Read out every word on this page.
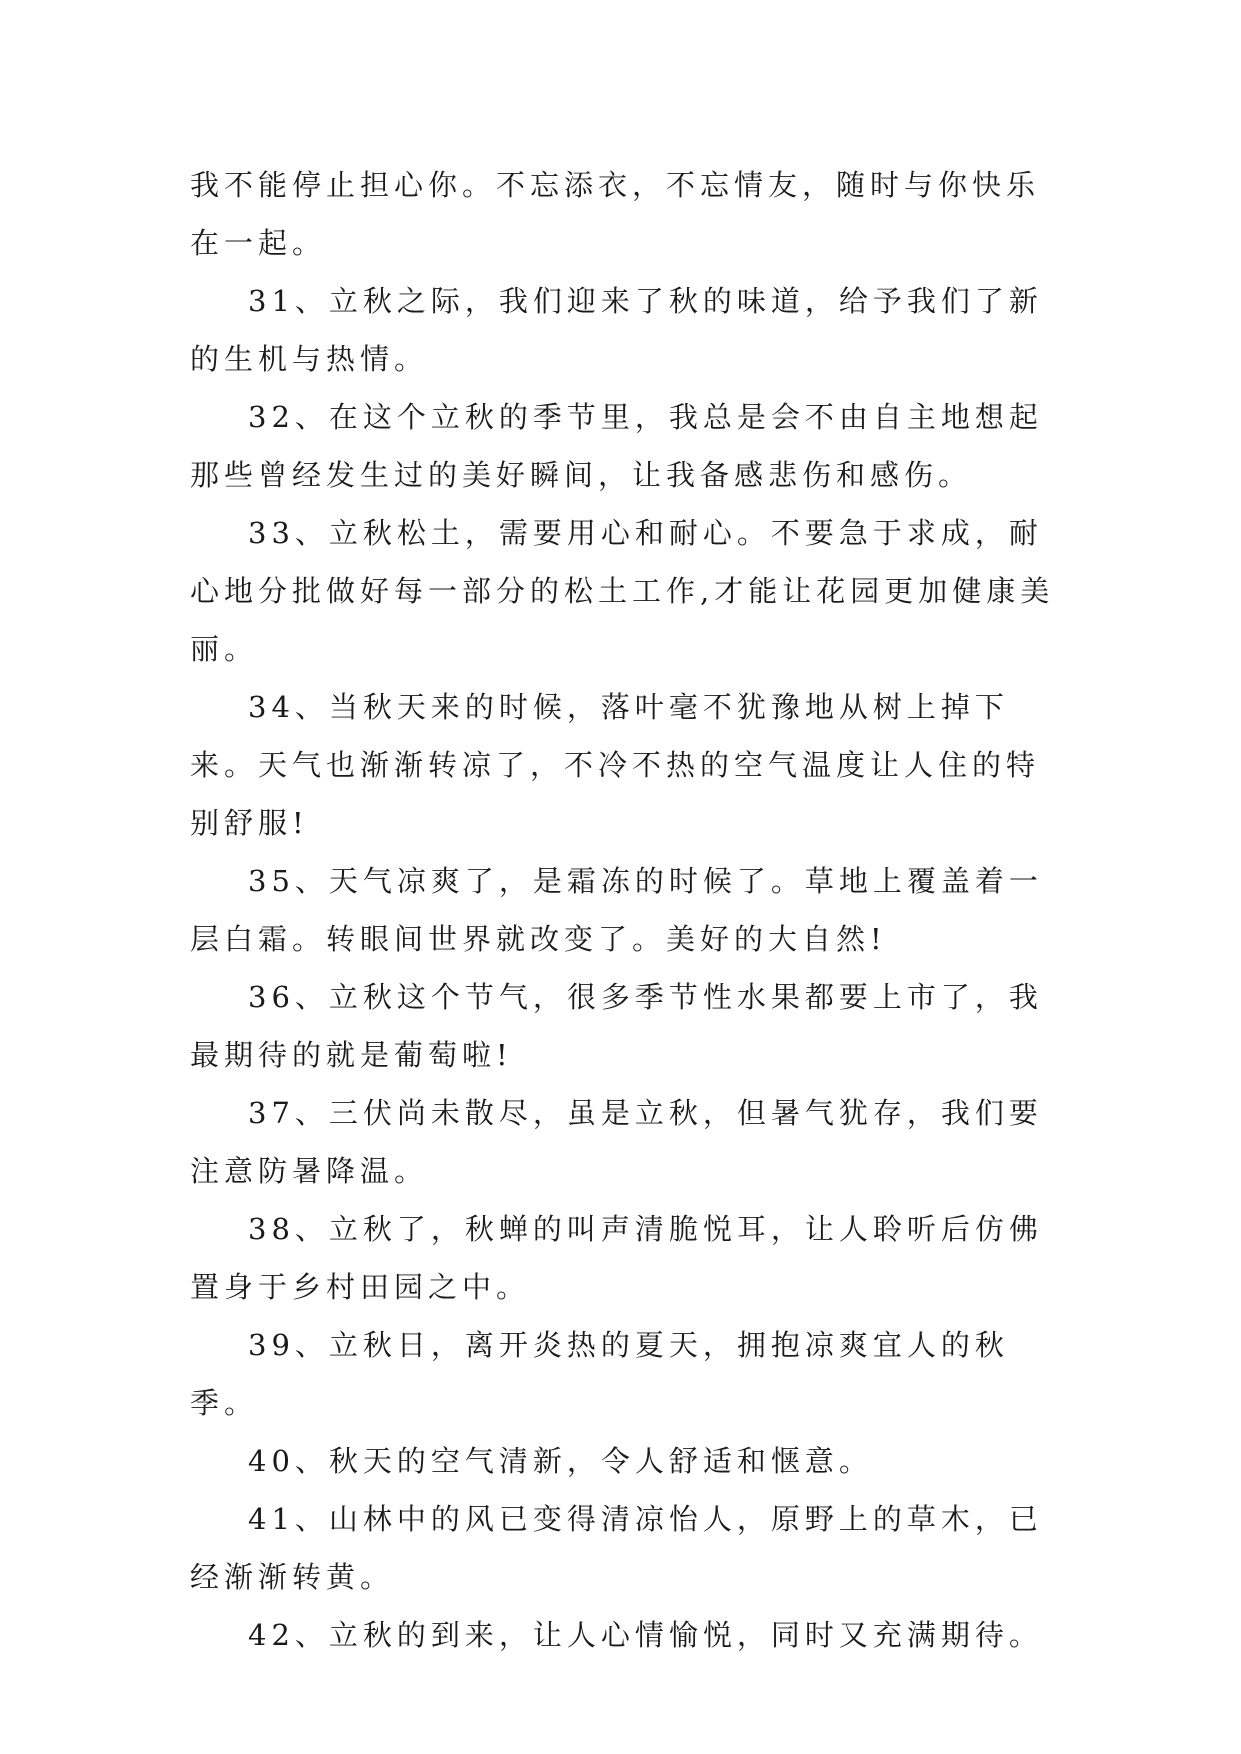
我不能停止担心你。不忘添衣，不忘情友，随时与你快乐在一起。

31、立秋之际，我们迎来了秋的味道，给予我们了新的生机与热情。

32、在这个立秋的季节里，我总是会不由自主地想起那些曾经发生过的美好瞬间，让我备感悲伤和感伤。

33、立秋松土，需要用心和耐心。不要急于求成，耐心地分批做好每一部分的松土工作,才能让花园更加健康美丽。

34、当秋天来的时候，落叶毫不犹豫地从树上掉下来。天气也渐渐转凉了，不冷不热的空气温度让人住的特别舒服!

35、天气凉爽了，是霜冻的时候了。草地上覆盖着一层白霜。转眼间世界就改变了。美好的大自然!

36、立秋这个节气，很多季节性水果都要上市了，我最期待的就是葡萄啦!

37、三伏尚未散尽，虽是立秋，但暑气犹存，我们要注意防暑降温。

38、立秋了，秋蝉的叫声清脆悦耳，让人聆听后仿佛置身于乡村田园之中。

39、立秋日，离开炎热的夏天，拥抱凉爽宜人的秋季。

40、秋天的空气清新，令人舒适和惬意。

41、山林中的风已变得清凉怡人，原野上的草木，已经渐渐转黄。

42、立秋的到来，让人心情愉悦，同时又充满期待。
